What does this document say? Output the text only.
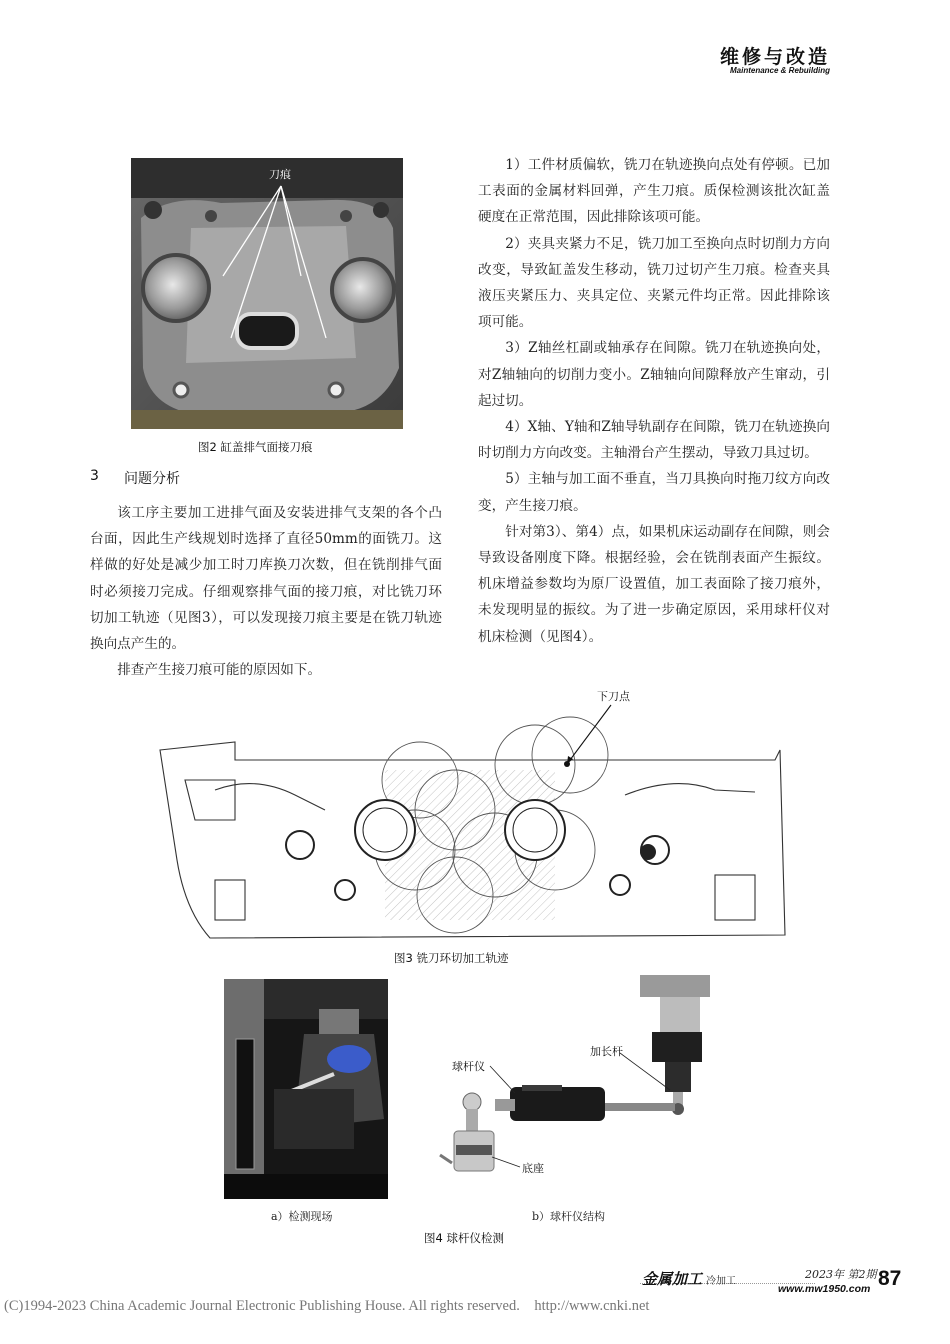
维修与改造
Maintenance & Rebuilding
刀痕
图2 缸盖排气面接刀痕
3 问题分析

该工序主要加工进排气面及安装进排气支架的各个凸台面，因此生产线规划时选择了直径50mm的面铣刀。这样做的好处是减少加工时刀库换刀次数，但在铣削排气面时必须接刀完成。仔细观察排气面的接刀痕，对比铣刀环切加工轨迹（见图3），可以发现接刀痕主要是在铣刀轨迹换向点产生的。

排查产生接刀痕可能的原因如下。

1）工件材质偏软，铣刀在轨迹换向点处有停顿。已加工表面的金属材料回弹，产生刀痕。质保检测该批次缸盖硬度在正常范围，因此排除该项可能。

2）夹具夹紧力不足，铣刀加工至换向点时切削力方向改变，导致缸盖发生移动，铣刀过切产生刀痕。检查夹具液压夹紧压力、夹具定位、夹紧元件均正常。因此排除该项可能。

3）Z轴丝杠副或轴承存在间隙。铣刀在轨迹换向处，对Z轴轴向的切削力变小。Z轴轴向间隙释放产生窜动，引起过切。

4）X轴、Y轴和Z轴导轨副存在间隙，铣刀在轨迹换向时切削力方向改变。主轴滑台产生摆动，导致刀具过切。

5）主轴与加工面不垂直，当刀具换向时拖刀纹方向改变，产生接刀痕。

针对第3）、第4）点，如果机床运动副存在间隙，则会导致设备刚度下降。根据经验，会在铣削表面产生振纹。机床增益参数均为原厂设置值，加工表面除了接刀痕外，未发现明显的振纹。为了进一步确定原因，采用球杆仪对机床检测（见图4）。

下刀点
图3 铣刀环切加工轨迹
a）检测现场
加长杆
球杆仪
底座
b）球杆仪结构
图4 球杆仪检测
金属加工 冷加工
2023年 第2期
www.mw1950.com 87
(C)1994-2023 China Academic Journal Electronic Publishing House. All rights reserved.    http://www.cnki.net
